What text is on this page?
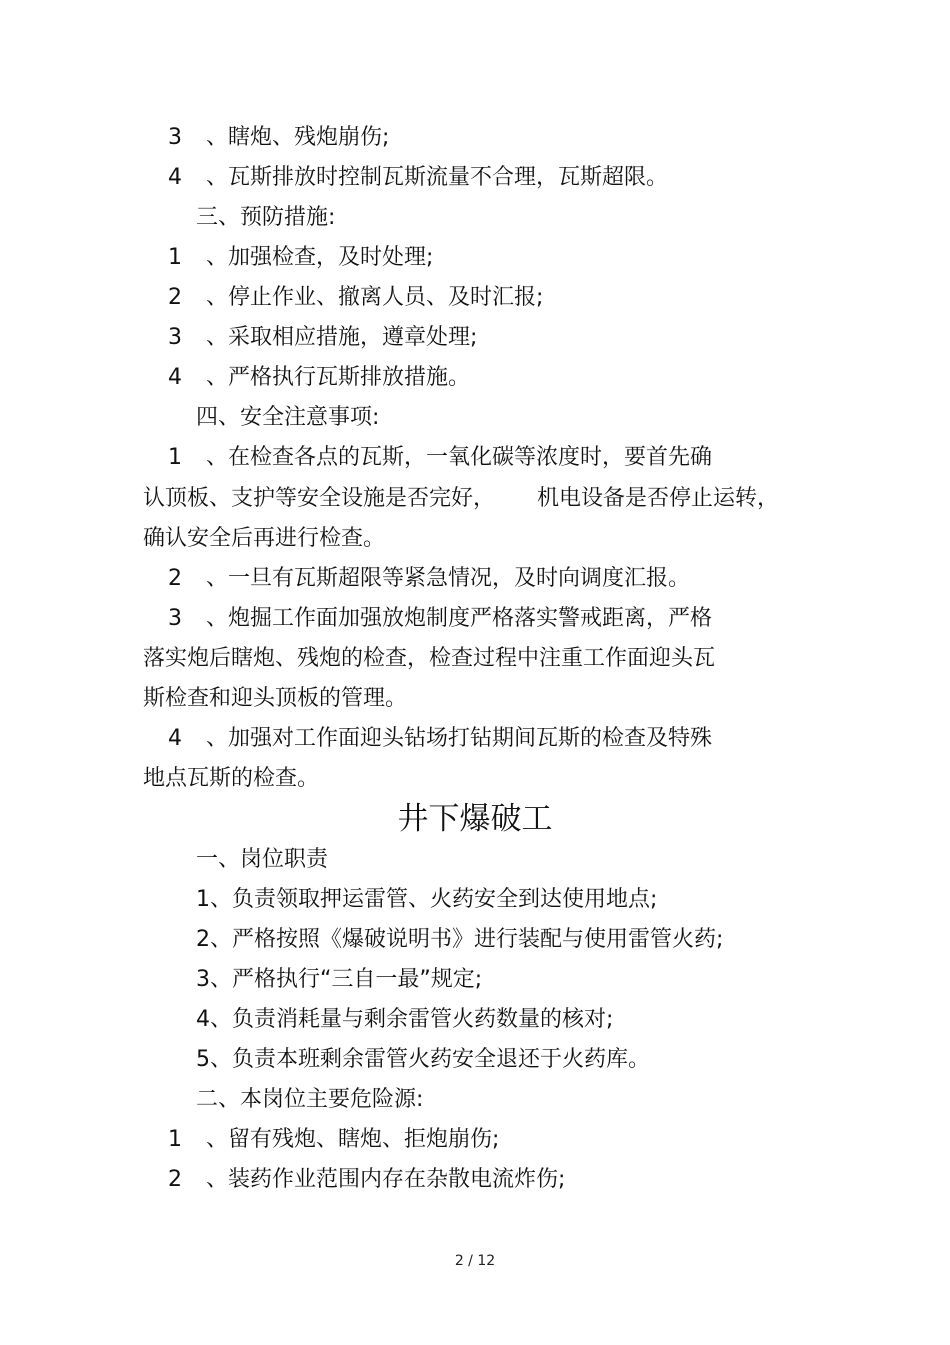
3 、瞎炮、残炮崩伤;
4 、瓦斯排放时控制瓦斯流量不合理，瓦斯超限。
三、预防措施:
1 、加强检查，及时处理;
2 、停止作业、撤离人员、及时汇报;
3 、采取相应措施，遵章处理;
4 、严格执行瓦斯排放措施。
四、安全注意事项:
1 、在检查各点的瓦斯，一氧化碳等浓度时，要首先确
认顶板、支护等安全设施是否完好，      机电设备是否停止运转，
确认安全后再进行检查。
2 、一旦有瓦斯超限等紧急情况，及时向调度汇报。
3 、炮掘工作面加强放炮制度严格落实警戒距离，严格
落实炮后瞎炮、残炮的检查，检查过程中注重工作面迎头瓦
斯检查和迎头顶板的管理。
4 、加强对工作面迎头钻场打钻期间瓦斯的检查及特殊
地点瓦斯的检查。
井下爆破工
一、岗位职责
1、负责领取押运雷管、火药安全到达使用地点;
2、严格按照《爆破说明书》进行装配与使用雷管火药;
3、严格执行“三自一最”规定;
4、负责消耗量与剩余雷管火药数量的核对;
5、负责本班剩余雷管火药安全退还于火药库。
二、本岗位主要危险源:
1 、留有残炮、瞎炮、拒炮崩伤;
2 、装药作业范围内存在杂散电流炸伤;
2 / 12
